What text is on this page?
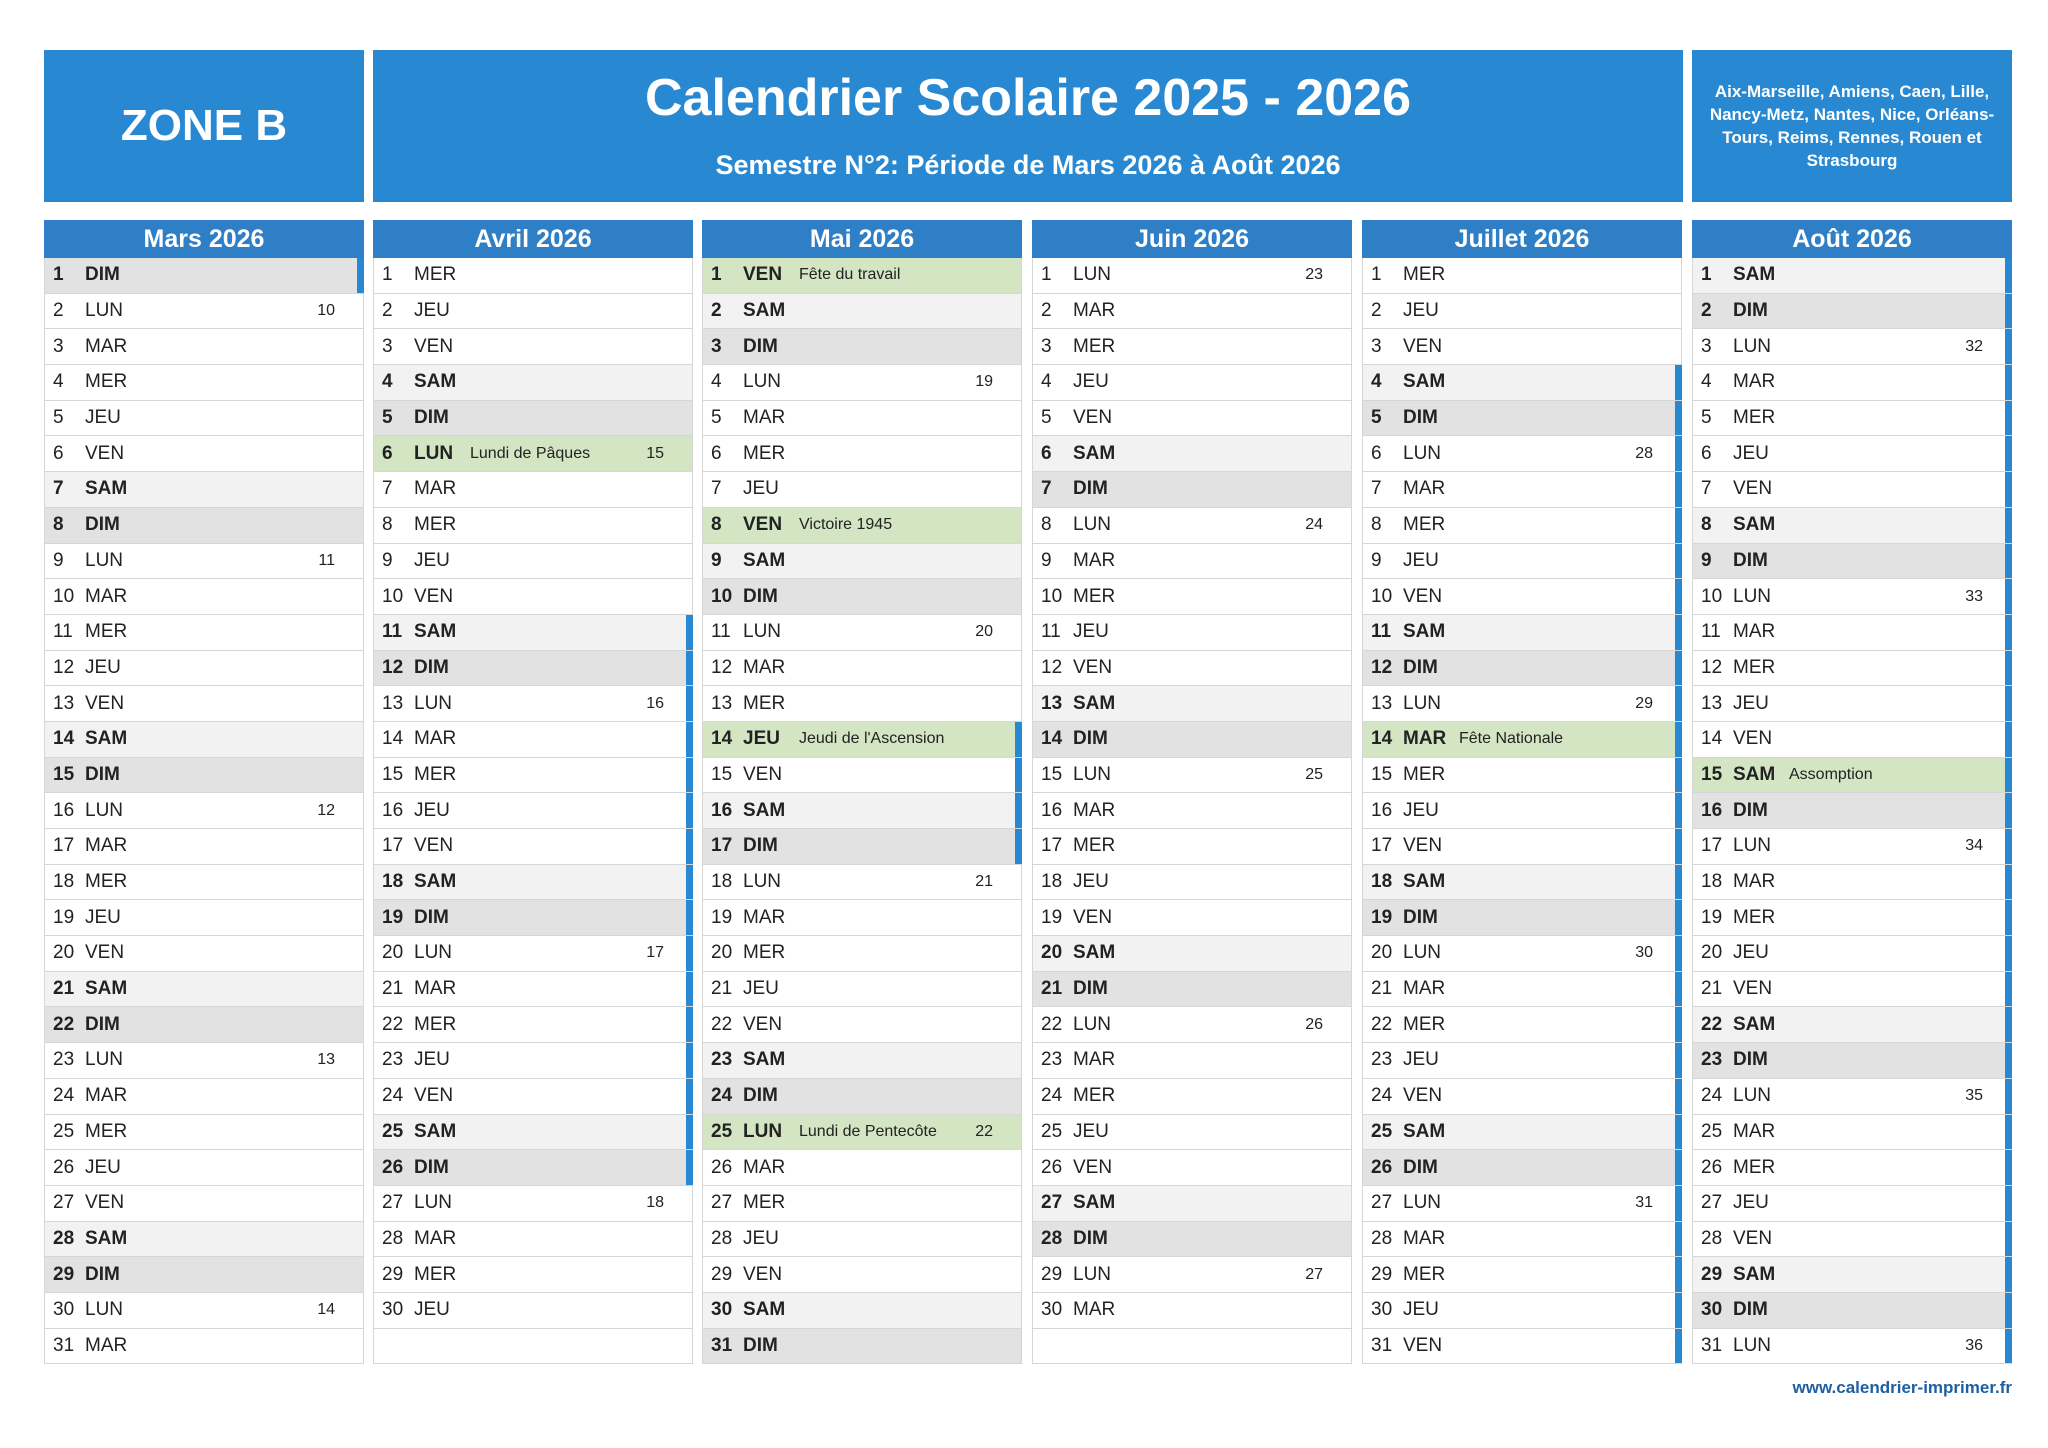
ZONE B	Calendrier Scolaire 2025 - 2026
Semestre N°2: Période de Mars 2026 à Août 2026
Aix-Marseille, Amiens, Caen, Lille, Nancy-Metz, Nantes, Nice, Orléans-Tours, Reims, Rennes, Rouen et Strasbourg
Mars 2026
1	DIM
2	LUN	10
3	MAR
4	MER
5	JEU
6	VEN
7	SAM
8	DIM
9	LUN	11
10 MAR
11 MER
12 JEU
13 VEN
14 SAM
15 DIM
16 LUN	12
17 MAR
18 MER
19 JEU
20 VEN
21 SAM
22 DIM
23 LUN	13
24 MAR
25 MER
26 JEU
27 VEN
28 SAM
29 DIM
30 LUN	14
31 MAR
Avril 2026
1	MER
2	JEU
3	VEN
4	SAM
5	DIM
6	LUN	Lundi de Pâques	15
7	MAR
8	MER
9	JEU
10 VEN
11 SAM
12 DIM
13 LUN	16
14 MAR
15 MER
16 JEU
17 VEN
18 SAM
19 DIM
20 LUN	17
21 MAR
22 MER
23 JEU
24 VEN
25 SAM
26 DIM
27 LUN	18
28 MAR
29 MER
30 JEU
Mai 2026
1	VEN	Fête du travail
2	SAM
3	DIM
4	LUN	19
5	MAR
6	MER
7	JEU
8	VEN	Victoire 1945
9	SAM
10 DIM
11 LUN	20
12 MAR
13 MER
14 JEU	Jeudi de l'Ascension
15 VEN
16 SAM
17 DIM
18 LUN	21
19 MAR
20 MER
21 JEU
22 VEN
23 SAM
24 DIM
25 LUN	Lundi de Pentecôte	22
26 MAR
27 MER
28 JEU
29 VEN
30 SAM
31 DIM
Juin 2026
1	LUN	23
2	MAR
3	MER
4	JEU
5	VEN
6	SAM
7	DIM
8	LUN	24
9	MAR
10 MER
11 JEU
12 VEN
13 SAM
14 DIM
15 LUN	25
16 MAR
17 MER
18 JEU
19 VEN
20 SAM
21 DIM
22 LUN	26
23 MAR
24 MER
25 JEU
26 VEN
27 SAM
28 DIM
29 LUN	27
30 MAR
Juillet 2026
1	MER
2	JEU
3	VEN
4	SAM
5	DIM
6	LUN	28
7	MAR
8	MER
9	JEU
10 VEN
11 SAM
12 DIM
13 LUN	29
14 MAR Fête Nationale
15 MER
16 JEU
17 VEN
18 SAM
19 DIM
20 LUN	30
21 MAR
22 MER
23 JEU
24 VEN
25 SAM
26 DIM
27 LUN	31
28 MAR
29 MER
30 JEU
31 VEN
Août 2026
1	SAM
2	DIM
3	LUN	32
4	MAR
5	MER
6	JEU
7	VEN
8	SAM
9	DIM
10 LUN	33
11 MAR
12 MER
13 JEU
14 VEN
15 SAM Assomption
16 DIM
17 LUN	34
18 MAR
19 MER
20 JEU
21 VEN
22 SAM
23 DIM
24 LUN	35
25 MAR
26 MER
27 JEU
28 VEN
29 SAM
30 DIM
31 LUN	36
www.calendrier-imprimer.fr
